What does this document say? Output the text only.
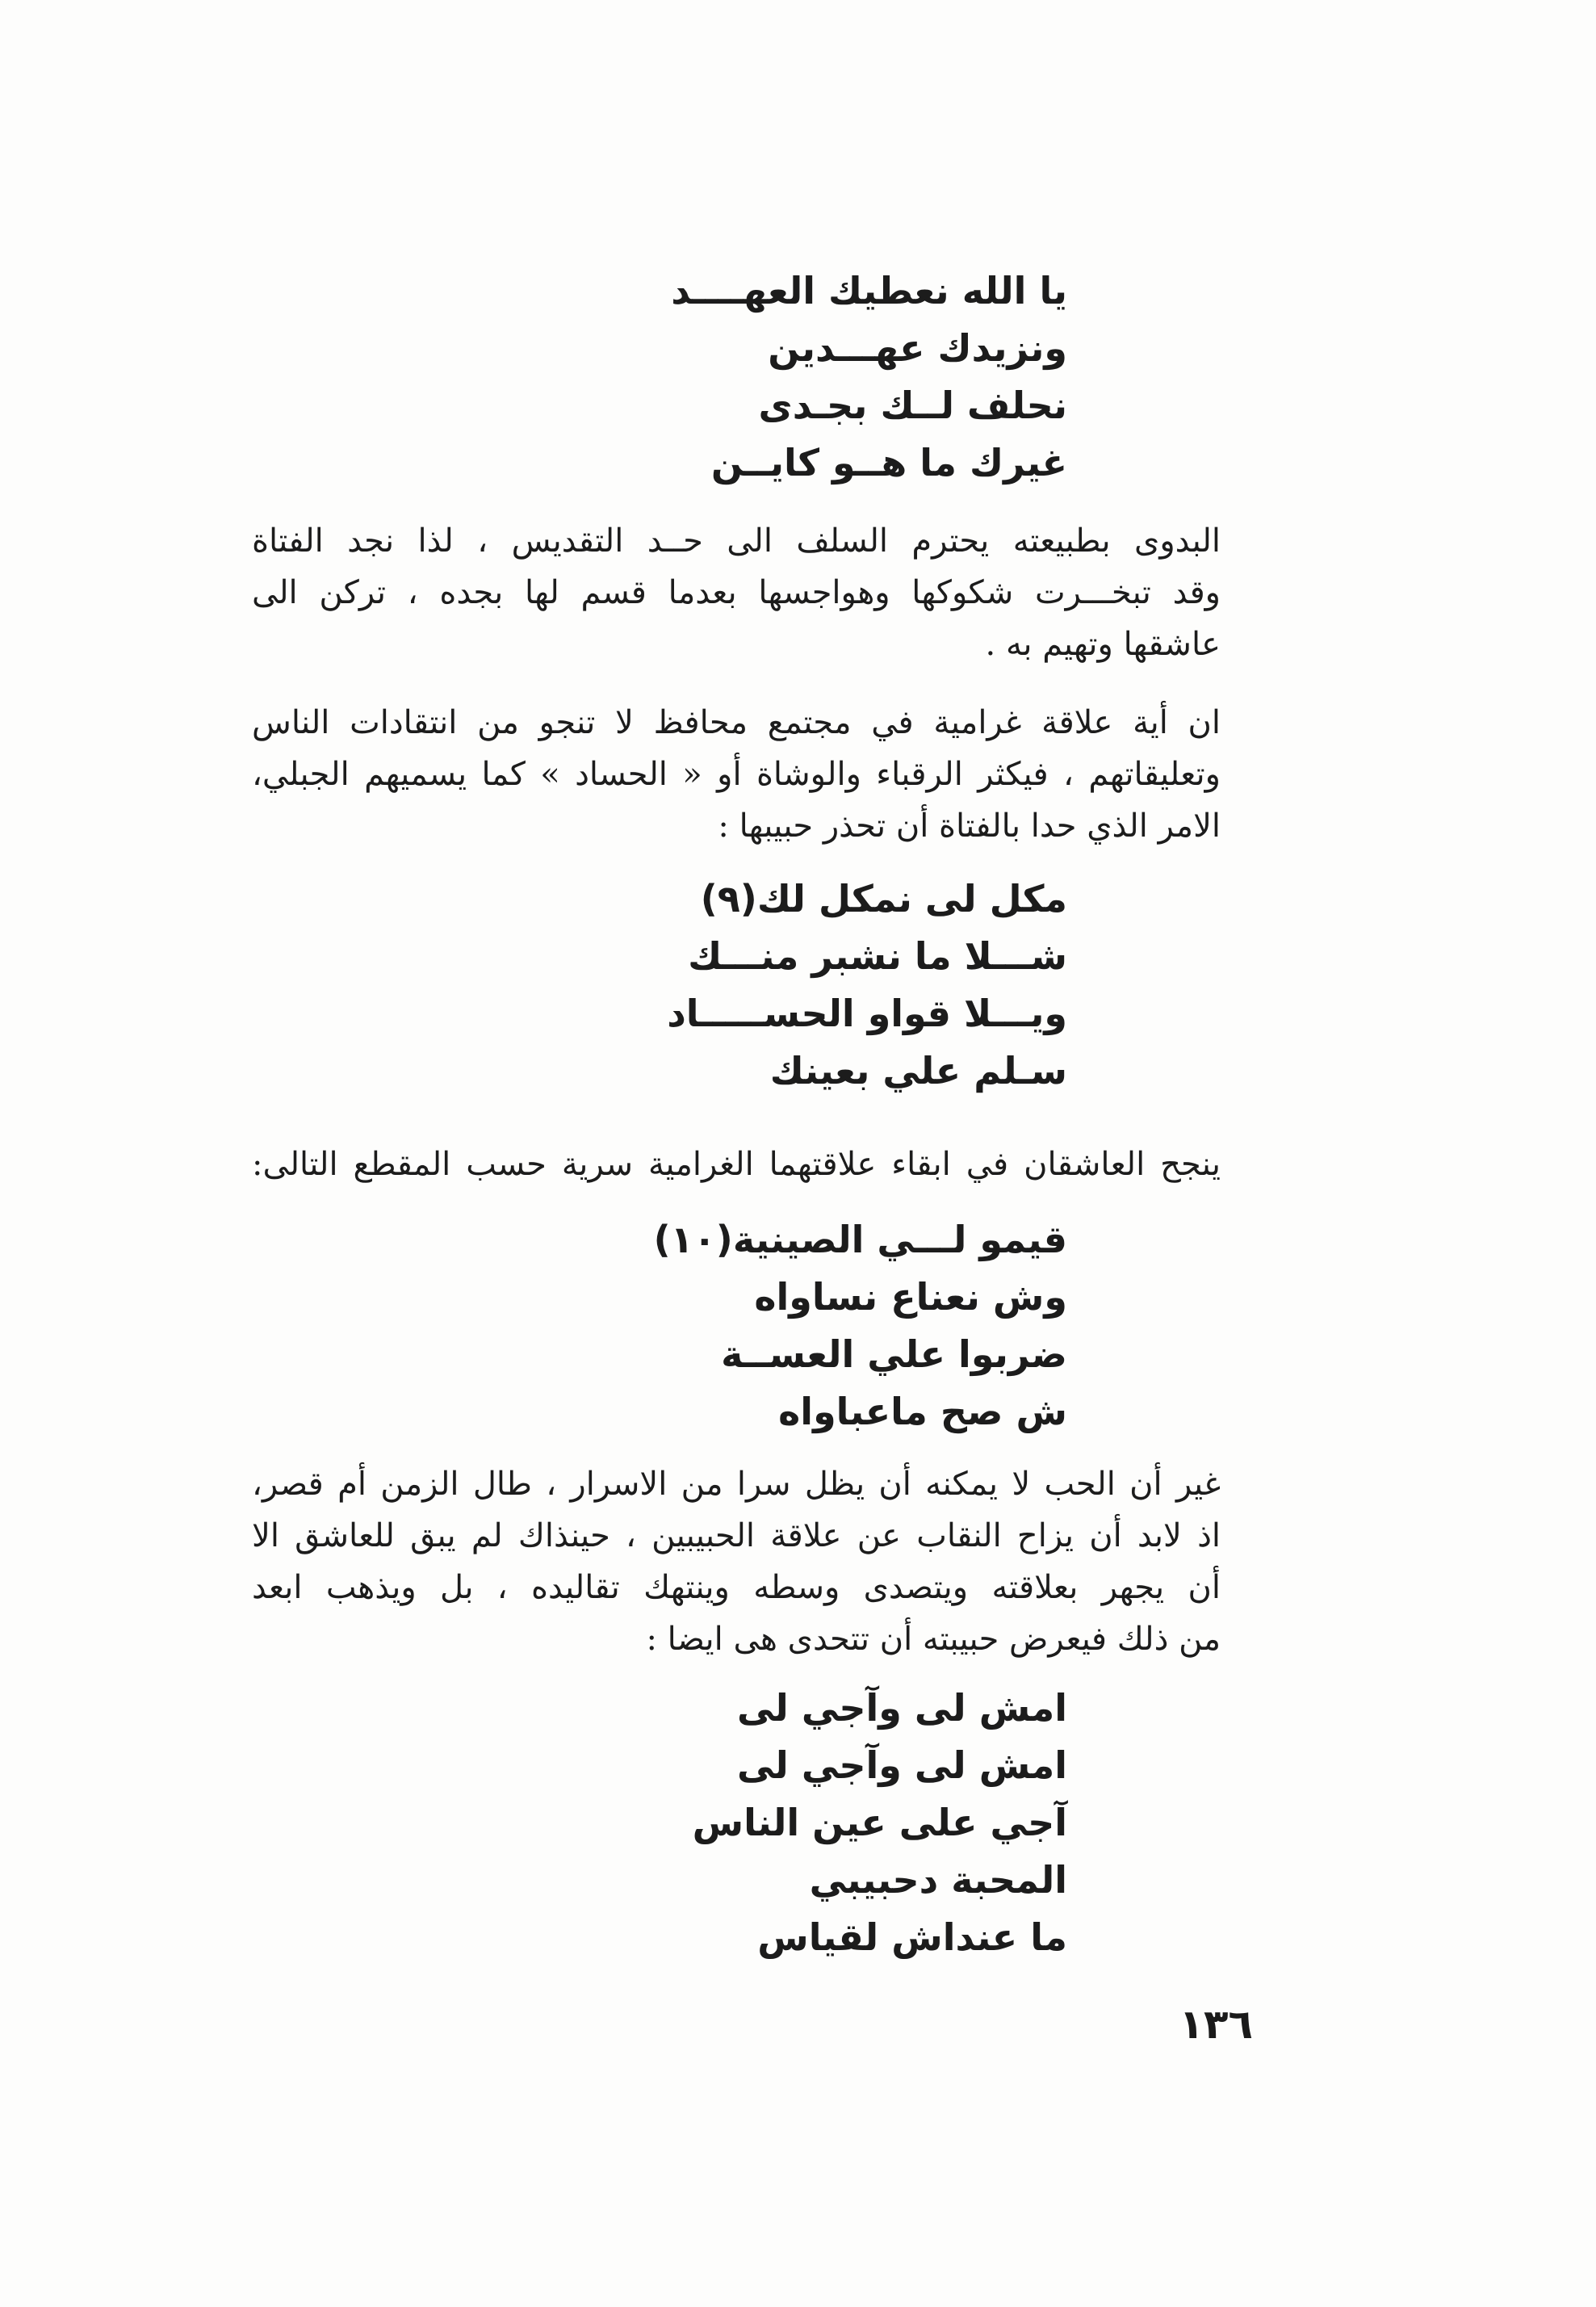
يا الله نعطيك العهــــد
ونزيدك عهـــدين
نحلف لــك بجـدى
غيرك ما هــو كايــن
البدوى بطبيعته يحترم السلف الى حــد التقديس ، لذا نجد الفتاة
وقد تبخـــرت شكوكها وهواجسها بعدما قسم لها بجده ، تركن الى
عاشقها وتهيم به .
ان أية علاقة غرامية في مجتمع محافظ لا تنجو من انتقادات الناس
وتعليقاتهم ، فيكثر الرقباء والوشاة أو « الحساد » كما يسميهم الجبلي،
الامر الذي حدا بالفتاة أن تحذر حبيبها :
مكل لى نمكل لك(٩)
شـــلا ما نشبر منـــك
ويـــلا قواو الحســـــاد
سـلم علي بعينك
ينجح العاشقان في ابقاء علاقتهما الغرامية سرية حسب المقطع التالى:
قيمو لـــي الصينية(١٠)
وش نعناع نساواه
ضربوا علي العســة
ش صح ماعباواه
غير أن الحب لا يمكنه أن يظل سرا من الاسرار ، طال الزمن أم قصر،
اذ لابد أن يزاح النقاب عن علاقة الحبيبين ، حينذاك لم يبق للعاشق الا
أن يجهر بعلاقته ويتصدى وسطه وينتهك تقاليده ، بل ويذهب ابعد
من ذلك فيعرض حبيبته أن تتحدى هى ايضا :
امش لى وآجي لى
امش لى وآجي لى
آجي على عين الناس
المحبة دحبيبي
ما عنداش لقياس
١٣٦
